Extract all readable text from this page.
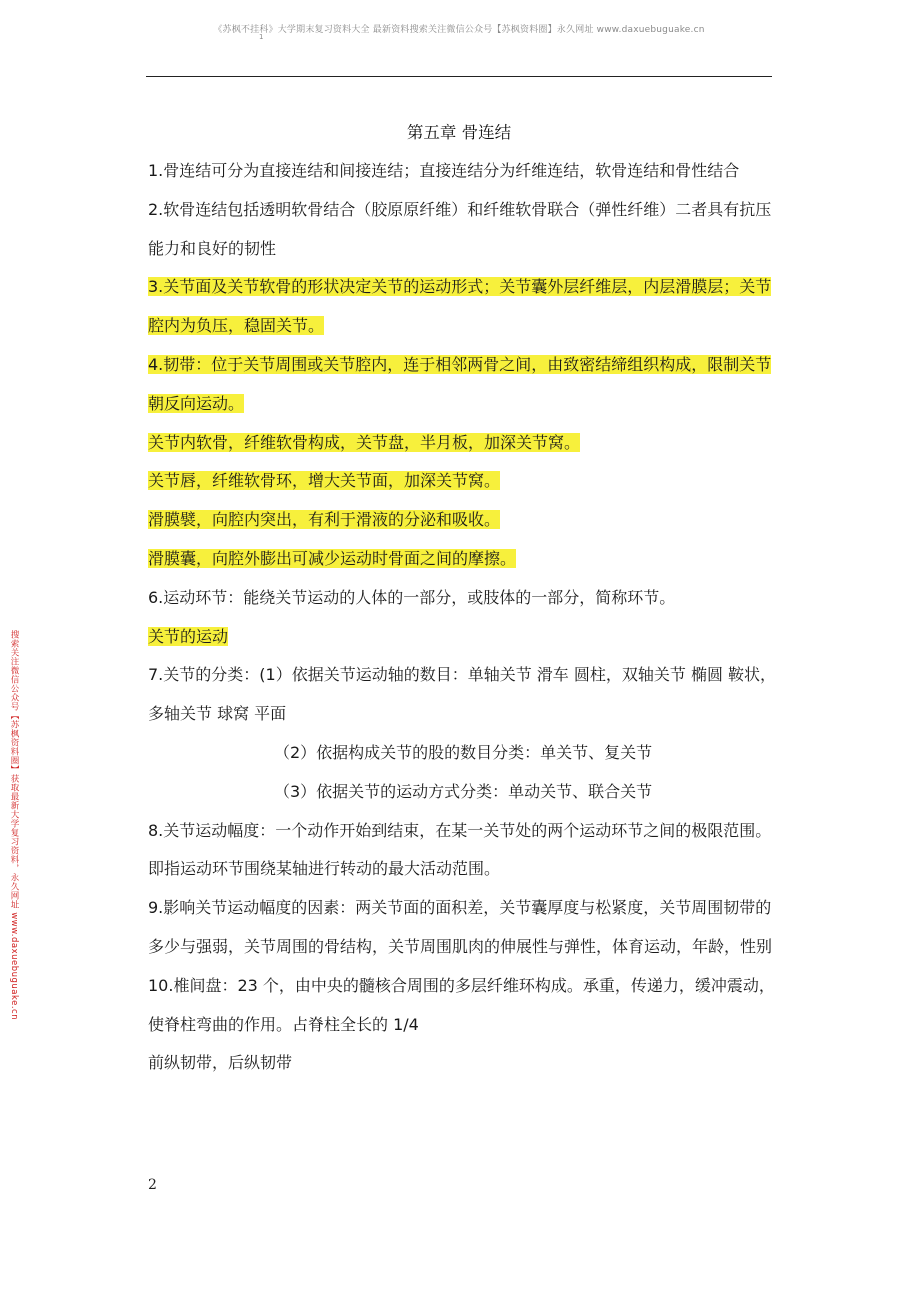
《苏枫不挂科》大学期末复习资料大全 最新资料搜索关注微信公众号【苏枫资料圈】永久网址 www.daxuebuguake.cn
1
搜索关注微信公众号【苏枫资料圈】获取最新大学复习资料，永久网址 www.daxuebuguake.cn
第五章 骨连结

1.骨连结可分为直接连结和间接连结；直接连结分为纤维连结，软骨连结和骨性结合

2.软骨连结包括透明软骨结合（胶原原纤维）和纤维软骨联合（弹性纤维）二者具有抗压能力和良好的韧性

3.关节面及关节软骨的形状决定关节的运动形式；关节囊外层纤维层，内层滑膜层；关节腔内为负压，稳固关节。

4.韧带：位于关节周围或关节腔内，连于相邻两骨之间，由致密结缔组织构成，限制关节朝反向运动。

关节内软骨，纤维软骨构成，关节盘，半月板，加深关节窝。

关节唇，纤维软骨环，增大关节面，加深关节窝。

滑膜襞，向腔内突出，有利于滑液的分泌和吸收。

滑膜囊，向腔外膨出可减少运动时骨面之间的摩擦。

6.运动环节：能绕关节运动的人体的一部分，或肢体的一部分，简称环节。

关节的运动

7.关节的分类：(1）依据关节运动轴的数目：单轴关节 滑车 圆柱，双轴关节 椭圆 鞍状，多轴关节 球窝 平面

（2）依据构成关节的股的数目分类：单关节、复关节

（3）依据关节的运动方式分类：单动关节、联合关节

8.关节运动幅度：一个动作开始到结束，在某一关节处的两个运动环节之间的极限范围。即指运动环节围绕某轴进行转动的最大活动范围。

9.影响关节运动幅度的因素：两关节面的面积差，关节囊厚度与松紧度，关节周围韧带的多少与强弱，关节周围的骨结构，关节周围肌肉的伸展性与弹性，体育运动，年龄，性别

10.椎间盘：23 个，由中央的髓核合周围的多层纤维环构成。承重，传递力，缓冲震动，使脊柱弯曲的作用。占脊柱全长的 1/4

前纵韧带，后纵韧带

2
